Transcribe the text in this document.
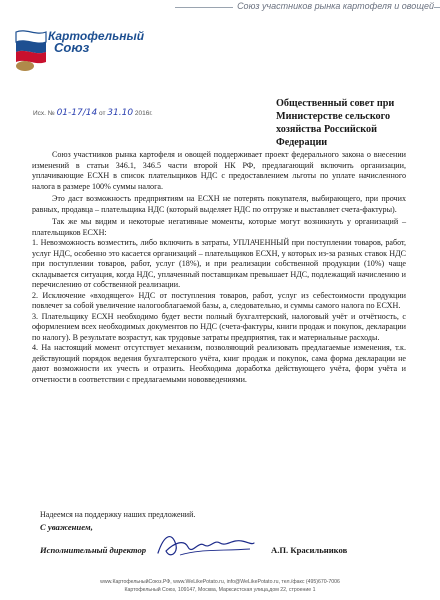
Союз участников рынка картофеля и овощей
Картофельный
Союз
Исх. № 01-17/14 от 31.10 2016г.
Общественный совет при
Министерстве сельского
хозяйства Российской
Федерации

Союз участников рынка картофеля и овощей поддерживает проект федерального закона о внесении изменений в статьи 346.1, 346.5 части второй НК РФ, предлагающий включить организации, уплачивающие ЕСХН в список плательщиков НДС с предоставлением льготы по уплате начисленного налога в размере 100% суммы налога.

Это даст возможность предприятиям на ЕСХН не потерять покупателя, выбирающего, при прочих равных, продавца – плательщика НДС (который выделяет НДС по отгрузке и выставляет счета-фактуры).

Так же мы видим и некоторые негативные моменты, которые могут возникнуть у организаций – плательщиков ЕСХН:

1. Невозможность возместить, либо включить в затраты, УПЛАЧЕННЫЙ при поступлении товаров, работ, услуг НДС, особенно это касается организаций – плательщиков ЕСХН, у которых из-за разных ставок НДС при поступлении товаров, работ, услуг (18%), и при реализации собственной продукции (10%) чаще складывается ситуация, когда НДС, уплаченный поставщикам превышает НДС, подлежащий начислению и перечислению от собственной реализации.

2. Исключение «входящего» НДС от поступления товаров, работ, услуг из себестоимости продукции повлечет за собой увеличение налогооблагаемой базы, а, следовательно, и суммы самого налога по ЕСХН.

3. Плательщику ЕСХН необходимо будет вести полный бухгалтерский, налоговый учёт и отчётность, с оформлением всех необходимых документов по НДС (счета-фактуры, книги продаж и покупок, декларации по налогу). В результате возрастут, как трудовые затраты предприятия, так и материальные расходы.

4. На настоящий момент отсутствует механизм, позволяющий реализовать предлагаемые изменения, т.к. действующий порядок ведения бухгалтерского учёта, книг продаж и покупок, сама форма декларации не дают возможности их учесть и отразить. Необходима доработка действующего учёта, форм учёта и отчетности в соответствии с предлагаемыми нововведениями.

Надеемся на поддержку наших предложений.
С уважением,
Исполнительный директор	А.П. Красильников
www.КартофельныйСоюз.РФ, www.WeLikePotato.ru, info@WeLikePotato.ru, тел./факс (495)670-7006
Картофельный Союз, 109147, Москва, Марксистская улица,дом 22, строение 1
